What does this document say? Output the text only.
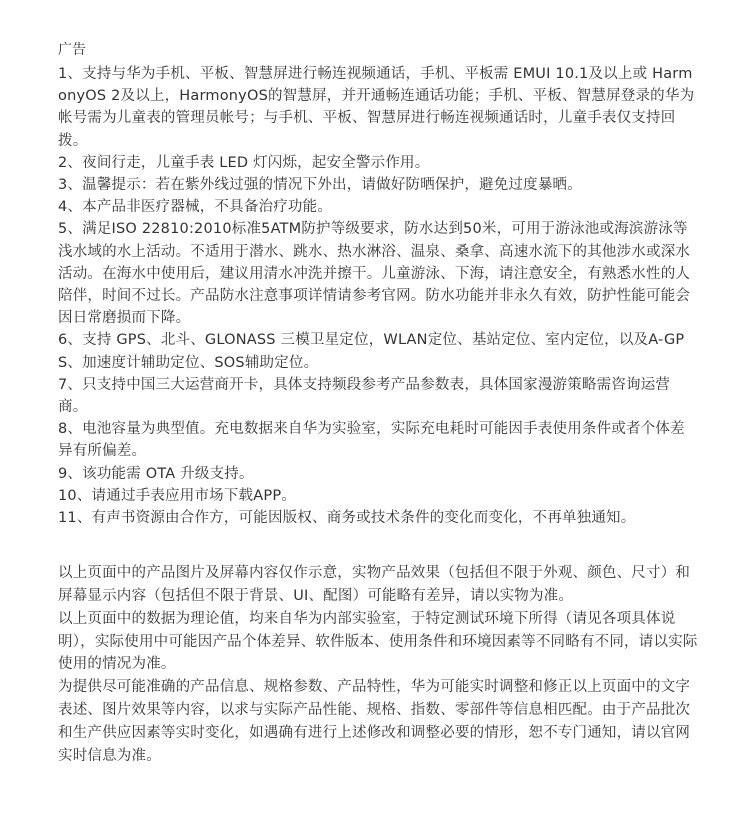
广告

1、支持与华为手机、平板、智慧屏进行畅连视频通话，手机、平板需 EMUI 10.1及以上或 HarmonyOS 2及以上，HarmonyOS的智慧屏，并开通畅连通话功能；手机、平板、智慧屏登录的华为帐号需为儿童表的管理员帐号；与手机、平板、智慧屏进行畅连视频通话时，儿童手表仅支持回拨。

2、夜间行走，儿童手表 LED 灯闪烁，起安全警示作用。

3、温馨提示：若在紫外线过强的情况下外出，请做好防晒保护，避免过度暴晒。

4、本产品非医疗器械，不具备治疗功能。

5、满足ISO 22810:2010标准5ATM防护等级要求，防水达到50米，可用于游泳池或海滨游泳等浅水域的水上活动。不适用于潜水、跳水、热水淋浴、温泉、桑拿、高速水流下的其他涉水或深水活动。在海水中使用后，建议用清水冲洗并擦干。儿童游泳、下海，请注意安全，有熟悉水性的人陪伴，时间不过长。产品防水注意事项详情请参考官网。防水功能并非永久有效，防护性能可能会因日常磨损而下降。

6、支持 GPS、北斗、GLONASS 三模卫星定位，WLAN定位、基站定位、室内定位，以及A-GPS、加速度计辅助定位、SOS辅助定位。

7、只支持中国三大运营商开卡，具体支持频段参考产品参数表，具体国家漫游策略需咨询运营商。

8、电池容量为典型值。充电数据来自华为实验室，实际充电耗时可能因手表使用条件或者个体差异有所偏差。

9、该功能需 OTA 升级支持。

10、请通过手表应用市场下载APP。

11、有声书资源由合作方，可能因版权、商务或技术条件的变化而变化，不再单独通知。

以上页面中的产品图片及屏幕内容仅作示意，实物产品效果（包括但不限于外观、颜色、尺寸）和屏幕显示内容（包括但不限于背景、UI、配图）可能略有差异，请以实物为准。

以上页面中的数据为理论值，均来自华为内部实验室，于特定测试环境下所得（请见各项具体说明），实际使用中可能因产品个体差异、软件版本、使用条件和环境因素等不同略有不同，请以实际使用的情况为准。

为提供尽可能准确的产品信息、规格参数、产品特性，华为可能实时调整和修正以上页面中的文字表述、图片效果等内容，以求与实际产品性能、规格、指数、零部件等信息相匹配。由于产品批次和生产供应因素等实时变化，如遇确有进行上述修改和调整必要的情形，恕不专门通知，请以官网实时信息为准。
